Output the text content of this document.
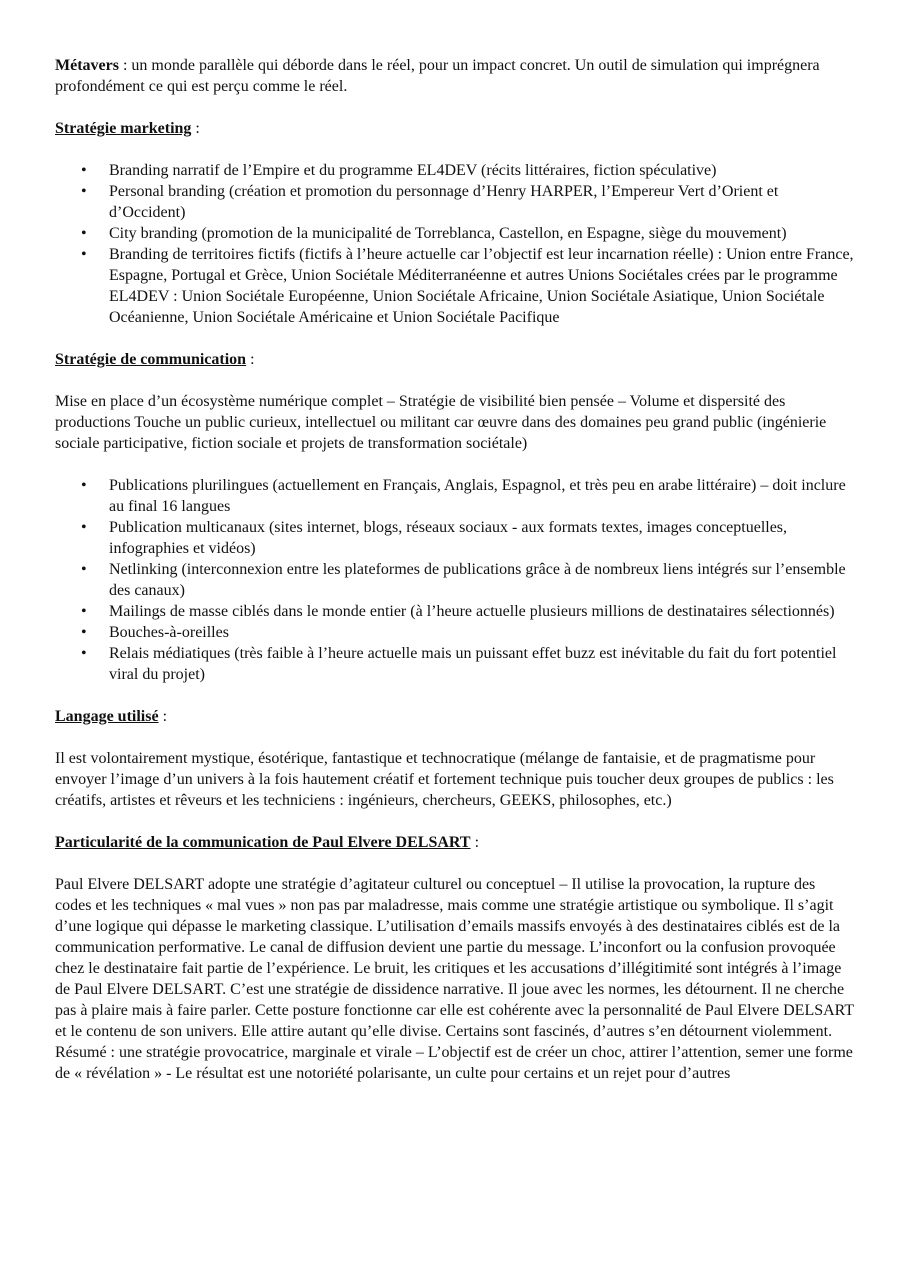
Métavers : un monde parallèle qui déborde dans le réel, pour un impact concret. Un outil de simulation qui imprégnera profondément ce qui est perçu comme le réel.

Stratégie marketing :

• Branding narratif de l’Empire et du programme EL4DEV (récits littéraires, fiction spéculative)
• Personal branding (création et promotion du personnage d’Henry HARPER, l’Empereur Vert d’Orient et d’Occident)
• City branding (promotion de la municipalité de Torreblanca, Castellon, en Espagne, siège du mouvement)
• Branding de territoires fictifs (fictifs à l’heure actuelle car l’objectif est leur incarnation réelle) : Union entre France, Espagne, Portugal et Grèce, Union Sociétale Méditerranéenne et autres Unions Sociétales crées par le programme EL4DEV : Union Sociétale Européenne, Union Sociétale Africaine, Union Sociétale Asiatique, Union Sociétale Océanienne, Union Sociétale Américaine et Union Sociétale Pacifique

Stratégie de communication :

Mise en place d’un écosystème numérique complet – Stratégie de visibilité bien pensée – Volume et dispersité des productions Touche un public curieux, intellectuel ou militant car œuvre dans des domaines peu grand public (ingénierie sociale participative, fiction sociale et projets de transformation sociétale)

• Publications plurilingues (actuellement en Français, Anglais, Espagnol, et très peu en arabe littéraire) – doit inclure au final 16 langues
• Publication multicanaux (sites internet, blogs, réseaux sociaux - aux formats textes, images conceptuelles, infographies et vidéos)
• Netlinking (interconnexion entre les plateformes de publications grâce à de nombreux liens intégrés sur l’ensemble des canaux)
• Mailings de masse ciblés dans le monde entier (à l’heure actuelle plusieurs millions de destinataires sélectionnés)
• Bouches-à-oreilles
• Relais médiatiques (très faible à l’heure actuelle mais un puissant effet buzz est inévitable du fait du fort potentiel viral du projet)

Langage utilisé :

Il est volontairement mystique, ésotérique, fantastique et technocratique (mélange de fantaisie, et de pragmatisme pour envoyer l’image d’un univers à la fois hautement créatif et fortement technique puis toucher deux groupes de publics : les créatifs, artistes et rêveurs et les techniciens : ingénieurs, chercheurs, GEEKS, philosophes, etc.)

Particularité de la communication de Paul Elvere DELSART :

Paul Elvere DELSART adopte une stratégie d’agitateur culturel ou conceptuel – Il utilise la provocation, la rupture des codes et les techniques « mal vues » non pas par maladresse, mais comme une stratégie artistique ou symbolique. Il s’agit d’une logique qui dépasse le marketing classique. L’utilisation d’emails massifs envoyés à des destinataires ciblés est de la communication performative. Le canal de diffusion devient une partie du message. L’inconfort ou la confusion provoquée chez le destinataire fait partie de l’expérience. Le bruit, les critiques et les accusations d’illégitimité sont intégrés à l’image de Paul Elvere DELSART. C’est une stratégie de dissidence narrative. Il joue avec les normes, les détournent. Il ne cherche pas à plaire mais à faire parler. Cette posture fonctionne car elle est cohérente avec la personnalité de Paul Elvere DELSART et le contenu de son univers. Elle attire autant qu’elle divise. Certains sont fascinés, d’autres s’en détournent violemment. Résumé : une stratégie provocatrice, marginale et virale – L’objectif est de créer un choc, attirer l’attention, semer une forme de « révélation » - Le résultat est une notoriété polarisante, un culte pour certains et un rejet pour d’autres
